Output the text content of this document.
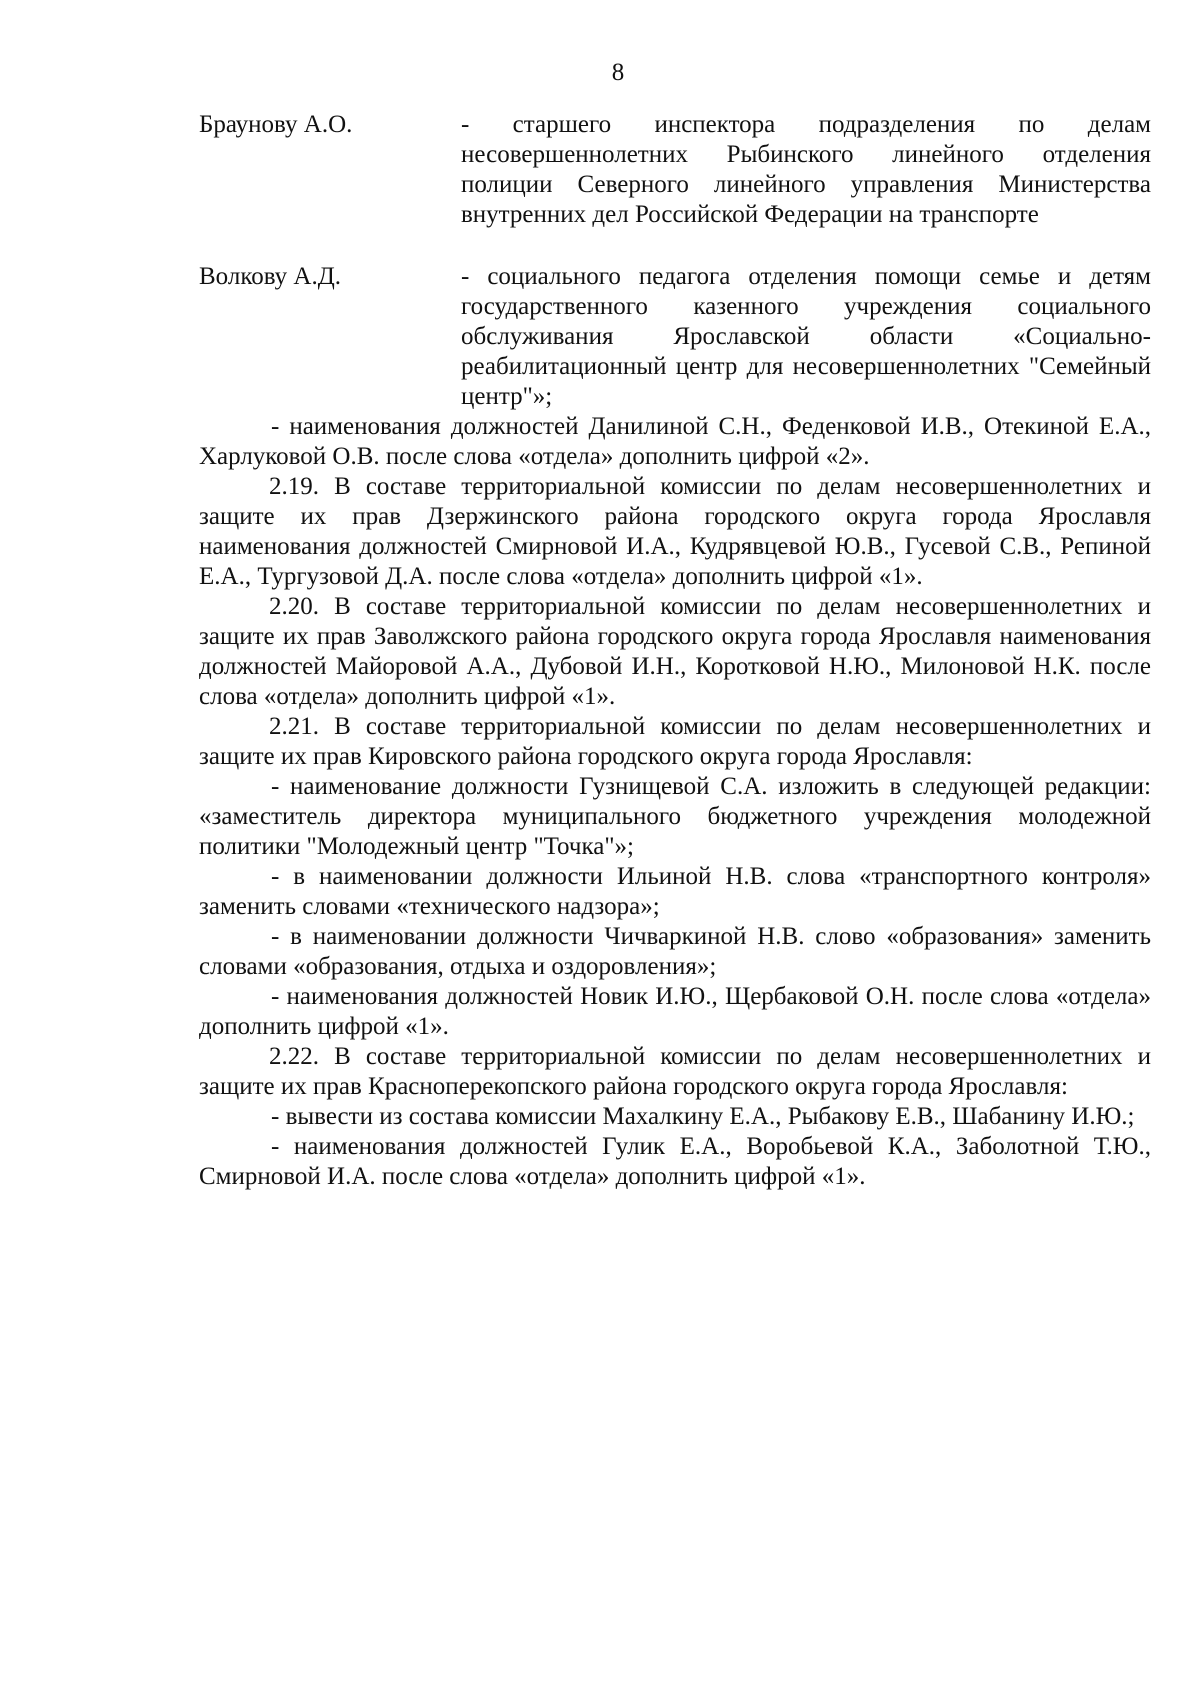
8
Браунову А.О.	- старшего инспектора подразделения по делам несовершеннолетних Рыбинского линейного отделения полиции Северного линейного управления Министерства внутренних дел Российской Федерации на транспорте

Волкову А.Д.	- социального педагога отделения помощи семье и детям государственного казенного учреждения социального обслуживания Ярославской области «Социально-реабилитационный центр для несовершеннолетних "Семейный центр"»;

- наименования должностей Данилиной С.Н., Феденковой И.В., Отекиной Е.А., Харлуковой О.В. после слова «отдела» дополнить цифрой «2».

2.19. В составе территориальной комиссии по делам несовершеннолетних и защите их прав Дзержинского района городского округа города Ярославля наименования должностей Смирновой И.А., Кудрявцевой Ю.В., Гусевой С.В., Репиной Е.А., Тургузовой Д.А. после слова «отдела» дополнить цифрой «1».

2.20. В составе территориальной комиссии по делам несовершеннолетних и защите их прав Заволжского района городского округа города Ярославля наименования должностей Майоровой А.А., Дубовой И.Н., Коротковой Н.Ю., Милоновой Н.К. после слова «отдела» дополнить цифрой «1».

2.21. В составе территориальной комиссии по делам несовершеннолетних и защите их прав Кировского района городского округа города Ярославля:

- наименование должности Гузнищевой С.А. изложить в следующей редакции: «заместитель директора муниципального бюджетного учреждения молодежной политики "Молодежный центр "Точка"»;

- в наименовании должности Ильиной Н.В. слова «транспортного контроля» заменить словами «технического надзора»;

- в наименовании должности Чичваркиной Н.В. слово «образования» заменить словами «образования, отдыха и оздоровления»;

- наименования должностей Новик И.Ю., Щербаковой О.Н. после слова «отдела» дополнить цифрой «1».

2.22. В составе территориальной комиссии по делам несовершеннолетних и защите их прав Красноперекопского района городского округа города Ярославля:

- вывести из состава комиссии Махалкину Е.А., Рыбакову Е.В., Шабанину И.Ю.;

- наименования должностей Гулик Е.А., Воробьевой К.А., Заболотной Т.Ю., Смирновой И.А. после слова «отдела» дополнить цифрой «1».
